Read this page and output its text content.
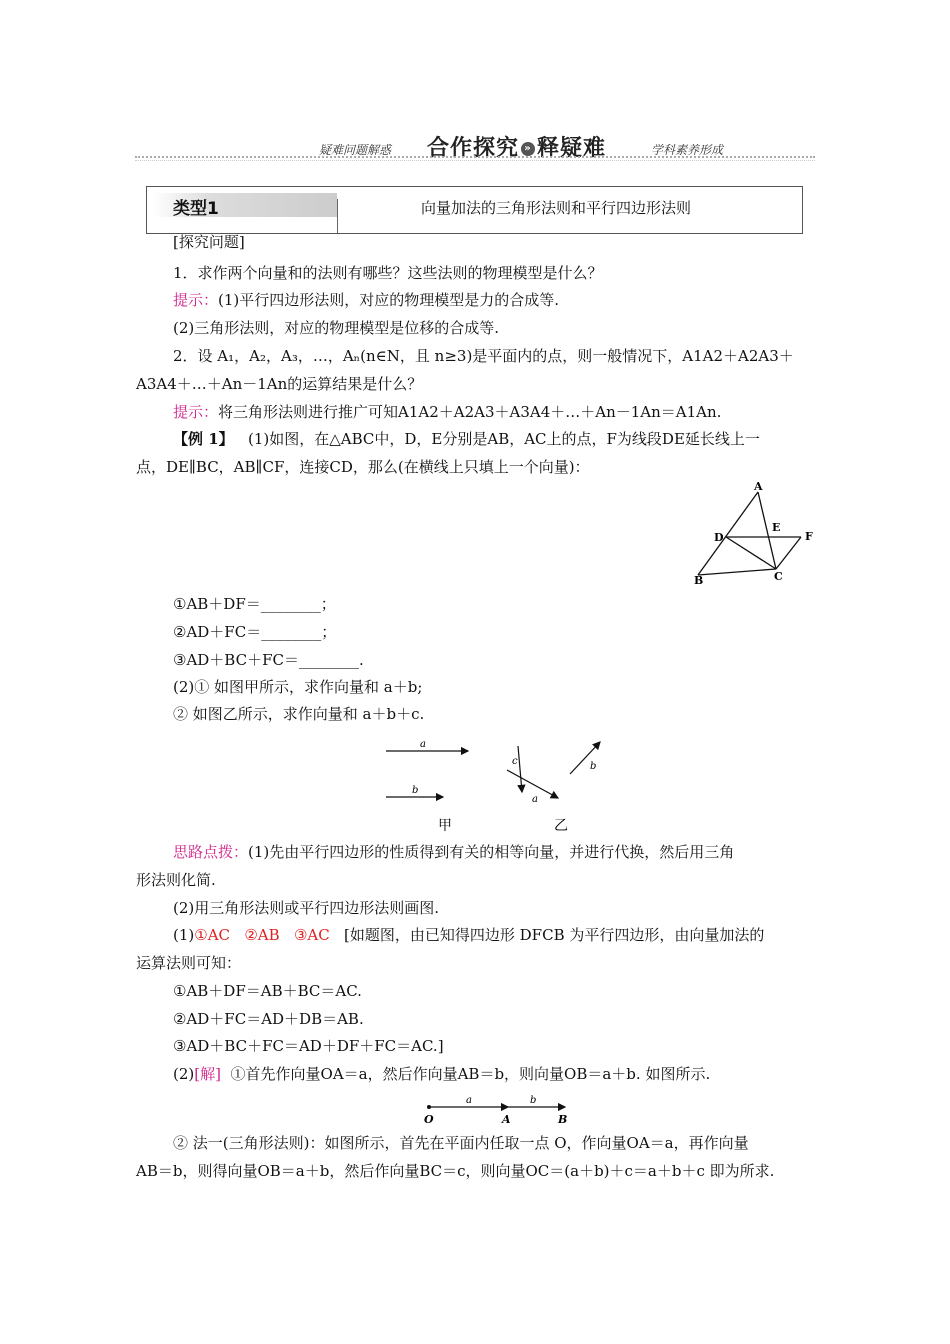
疑难问题解惑 合作探究 » 释疑难	学科素养形成
类型1	向量加法的三角形法则和平行四边形法则
[探究问题]
1．求作两个向量和的法则有哪些？这些法则的物理模型是什么？
提示：(1)平行四边形法则，对应的物理模型是力的合成等.
(2)三角形法则，对应的物理模型是位移的合成等.
2．设 A₁，A₂，A₃，…，Aₙ(n∈N，且 n≥3)是平面内的点，则一般情况下，A1A2＋A2A3＋
A3A4＋…＋An－1An的运算结果是什么？
提示：将三角形法则进行推广可知A1A2＋A2A3＋A3A4＋…＋An－1An＝A1An.
【例 1】 (1)如图，在△ABC中，D，E分别是AB，AC上的点，F为线段DE延长线上一
点，DE∥BC，AB∥CF，连接CD，那么(在横线上只填上一个向量)：
A
D
E
F
B	C
①AB＋DF＝________；
②AD＋FC＝________；
③AD＋BC＋FC＝________.
(2)① 如图甲所示，求作向量和 a＋b;
② 如图乙所示，求作向量和 a＋b＋c.
a
b
c
a
b
甲	乙
思路点拨：(1)先由平行四边形的性质得到有关的相等向量，并进行代换，然后用三角
形法则化简.
(2)用三角形法则或平行四边形法则画图.
(1)①AC ②AB ③AC [如题图，由已知得四边形 DFCB 为平行四边形，由向量加法的
运算法则可知：
①AB＋DF＝AB＋BC＝AC.
②AD＋FC＝AD＋DB＝AB.
③AD＋BC＋FC＝AD＋DF＋FC＝AC.]
(2)[解] ①首先作向量OA＝a，然后作向量AB＝b，则向量OB＝a＋b. 如图所示.
a	b
O	A	B
② 法一(三角形法则)：如图所示，首先在平面内任取一点 O，作向量OA＝a，再作向量
AB＝b，则得向量OB＝a＋b，然后作向量BC＝c，则向量OC＝(a＋b)＋c＝a＋b＋c 即为所求.
